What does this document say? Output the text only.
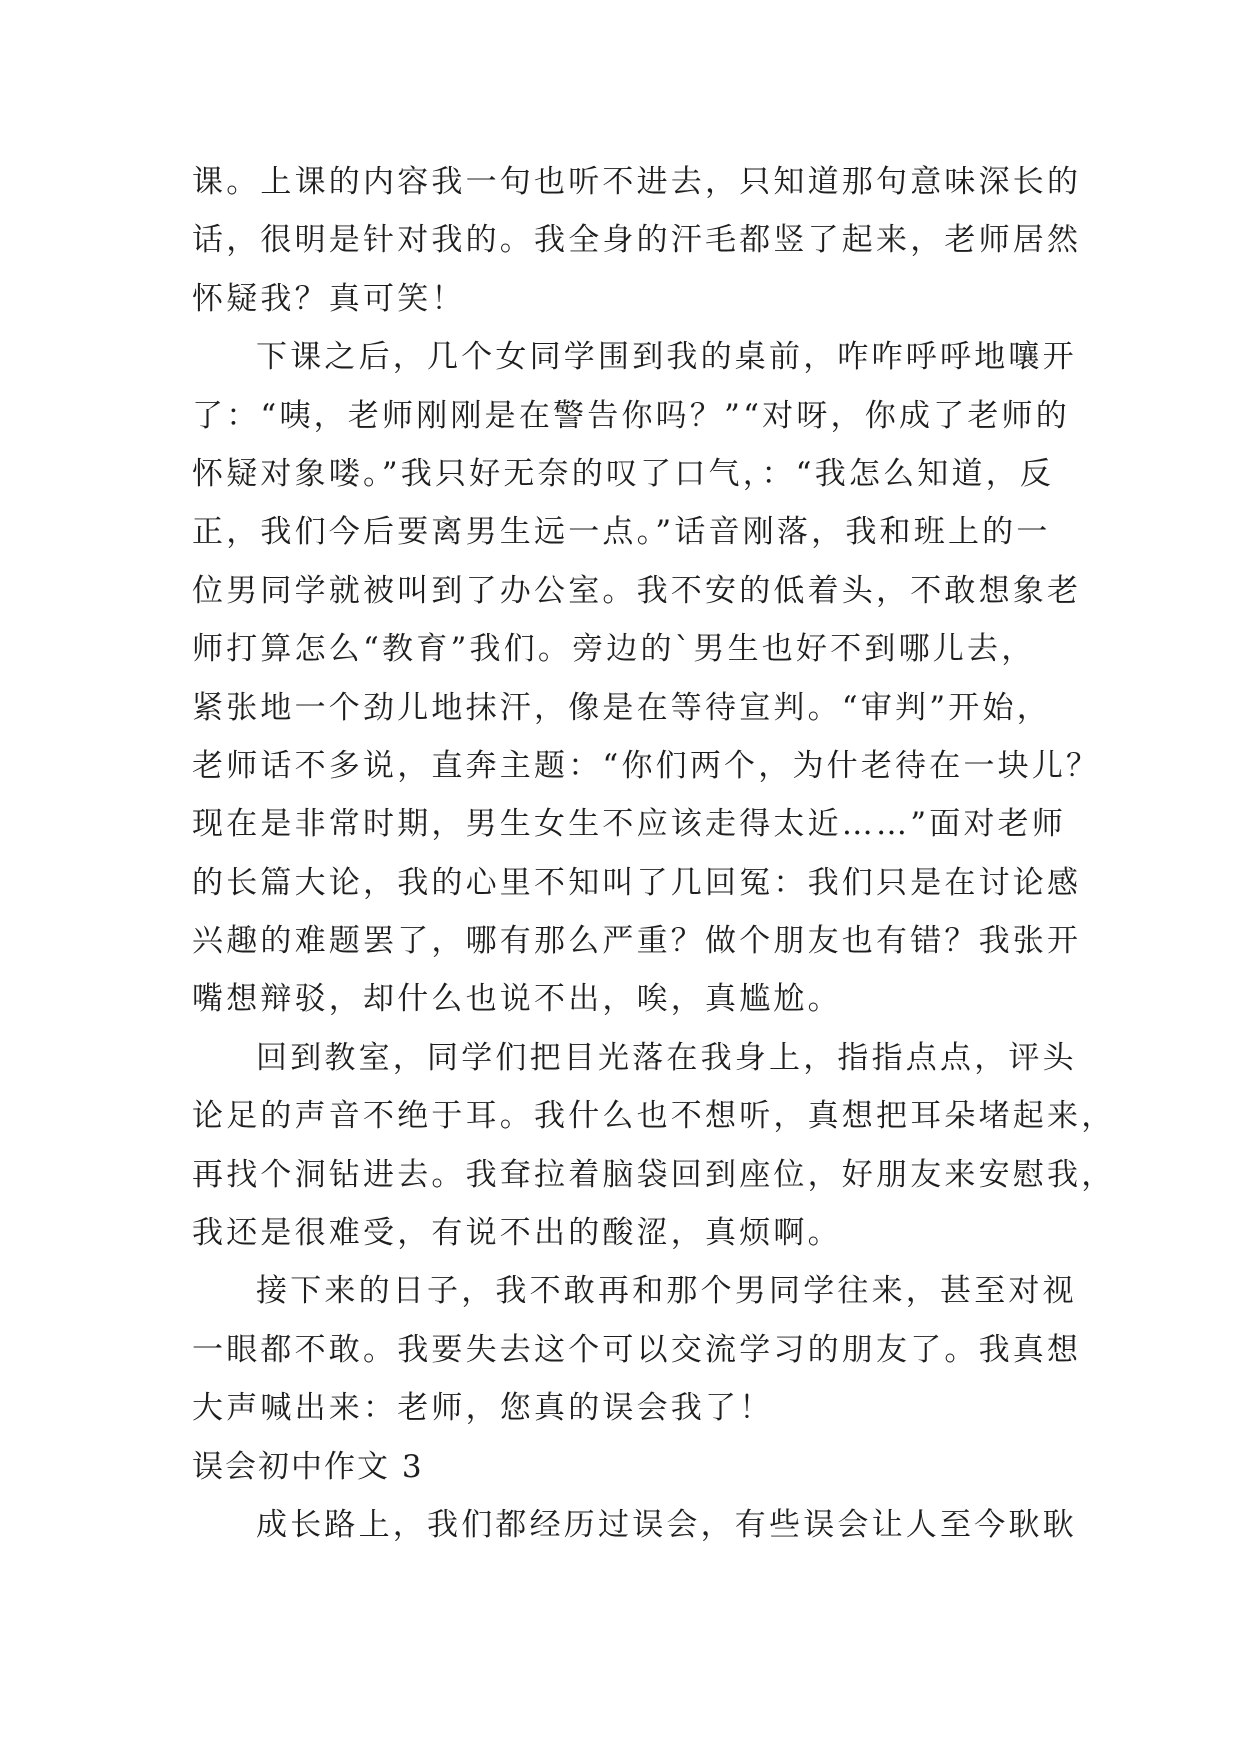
课。上课的内容我一句也听不进去，只知道那句意味深长的
话，很明是针对我的。我全身的汗毛都竖了起来，老师居然
怀疑我？真可笑！
下课之后，几个女同学围到我的桌前，咋咋呼呼地嚷开
了：“咦，老师刚刚是在警告你吗？”“对呀，你成了老师的
怀疑对象喽。”我只好无奈的叹了口气，：“我怎么知道，反
正，我们今后要离男生远一点。”话音刚落，我和班上的一
位男同学就被叫到了办公室。我不安的低着头，不敢想象老
师打算怎么“教育”我们。旁边的`男生也好不到哪儿去，
紧张地一个劲儿地抹汗，像是在等待宣判。“审判”开始，
老师话不多说，直奔主题：“你们两个，为什老待在一块儿？
现在是非常时期，男生女生不应该走得太近……”面对老师
的长篇大论，我的心里不知叫了几回冤：我们只是在讨论感
兴趣的难题罢了，哪有那么严重？做个朋友也有错？我张开
嘴想辩驳，却什么也说不出，唉，真尴尬。
回到教室，同学们把目光落在我身上，指指点点，评头
论足的声音不绝于耳。我什么也不想听，真想把耳朵堵起来，
再找个洞钻进去。我耷拉着脑袋回到座位，好朋友来安慰我，
我还是很难受，有说不出的酸涩，真烦啊。
接下来的日子，我不敢再和那个男同学往来，甚至对视
一眼都不敢。我要失去这个可以交流学习的朋友了。我真想
大声喊出来：老师，您真的误会我了！
误会初中作文 3
成长路上，我们都经历过误会，有些误会让人至今耿耿
